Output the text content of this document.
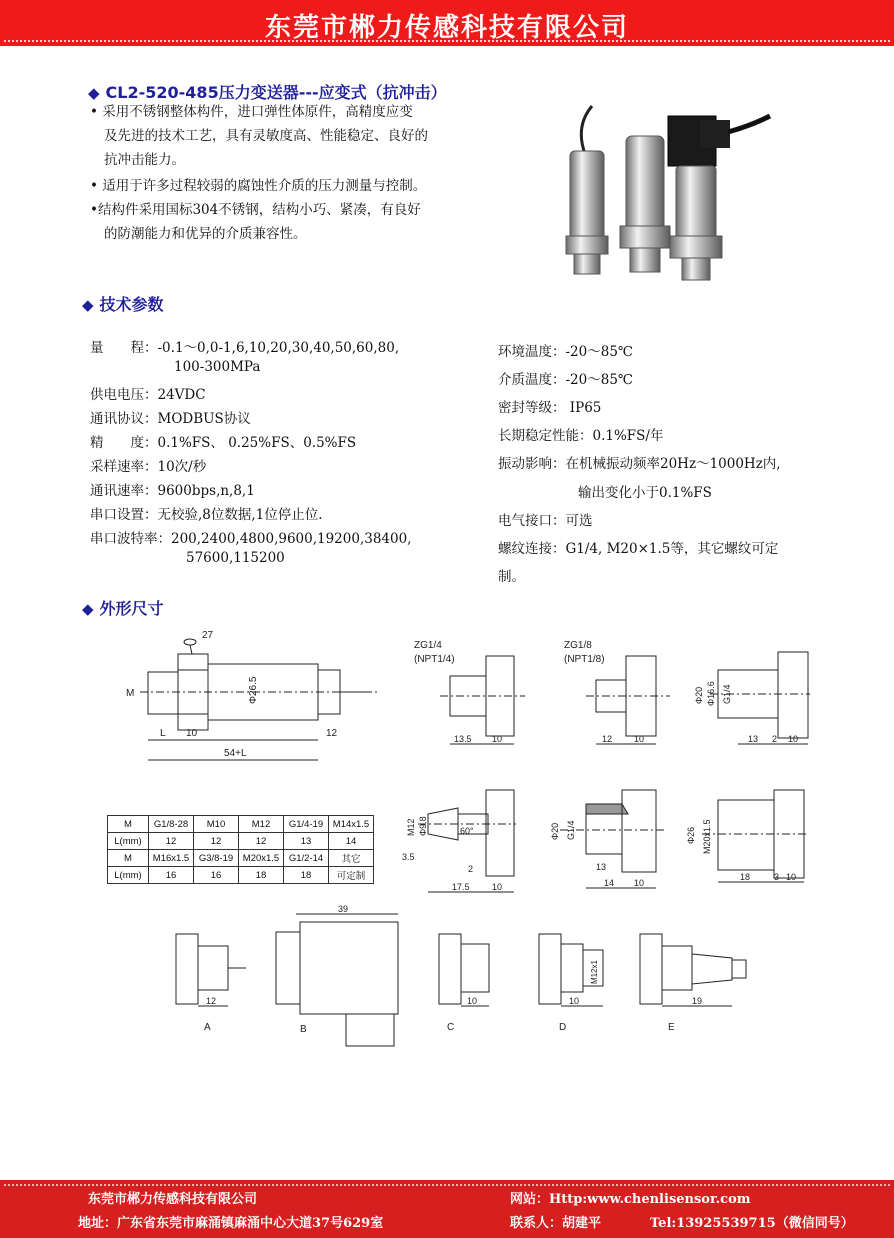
东莞市郴力传感科技有限公司
◆ CL2-520-485压力变送器---应变式（抗冲击）
• 采用不锈钢整体构件，进口弹性体原件，高精度应变
及先进的技术工艺，具有灵敏度高、性能稳定、良好的
抗冲击能力。
• 适用于许多过程较弱的腐蚀性介质的压力测量与控制。
•结构件采用国标304不锈钢，结构小巧、紧凑，有良好
的防潮能力和优异的介质兼容性。
◆ 技术参数
量　　程：-0.1～0,0-1,6,10,20,30,40,50,60,80,
100-300MPa
供电电压：24VDC
通讯协议：MODBUS协议
精　　度：0.1%FS、 0.25%FS、0.5%FS
采样速率：10次/秒
通讯速率：9600bps,n,8,1
串口设置：无校验,8位数据,1位停止位.
串口波特率：200,2400,4800,9600,19200,38400,
57600,115200
环境温度：-20～85℃
介质温度：-20～85℃
密封等级： IP65
长期稳定性能：0.1%FS/年
振动影响：在机械振动频率20Hz～1000Hz内,
输出变化小于0.1%FS
电气接口：可选
螺纹连接：G1/4, M20×1.5等，其它螺纹可定
制。
◆ 外形尺寸
27
M	Φ26.5
L 10	12
54+L
ZG1/4
(NPT1/4)
13.5 10
ZG1/8
(NPT1/8)
12 10
Φ20 Φ16.6 G1/4
13 2 10
M	G1/8-28	M10	M12	G1/4-19	M14x1.5
L(mm)	12	12	12	13	14
M	M16x1.5	G3/8-19	M20x1.5	G1/2-14	其它
L(mm)	16	16	18	18	可定制
M12 Φ9.8	60°
3.5
2
17.5 10
Φ20 G1/4
13
14 10
Φ26 M20x1.5
18	3 10
12
A
39
B
10
C
M12x1
10
D
19
E
东莞市郴力传感科技有限公司	网站：Http:www.chenlisensor.com
地址：广东省东莞市麻涌镇麻涌中心大道37号629室	联系人：胡建平	Tel:13925539715（微信同号）
